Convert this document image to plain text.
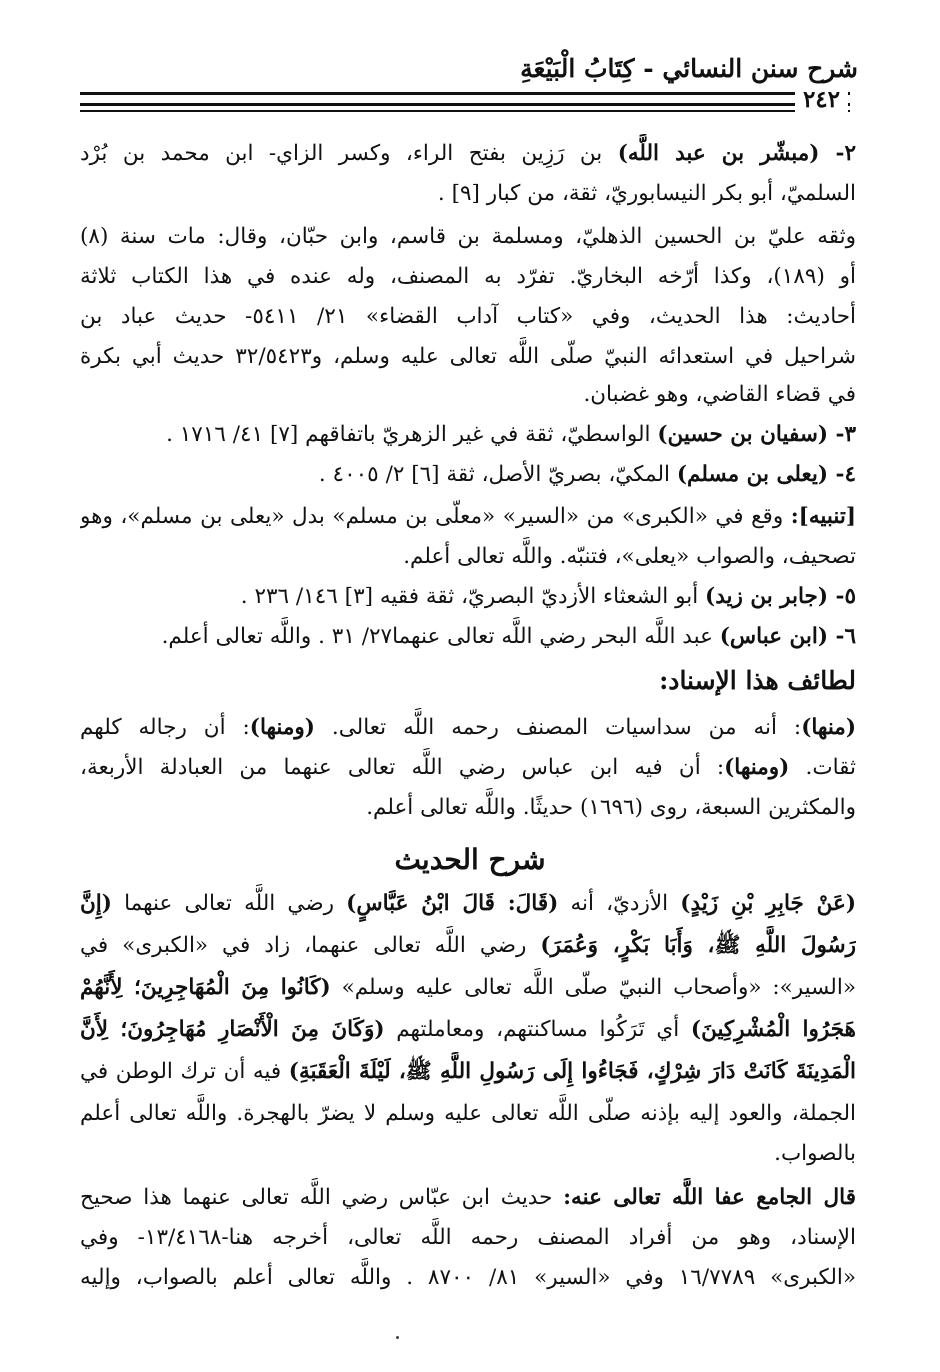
شرح سنن النسائي - كِتَابُ الْبَيْعَةِ
٢٤٢
٢- (مبشّر بن عبد اللَّه) بن رَزِين بفتح الراء، وكسر الزاي- ابن محمد بن بُرْد
السلميّ، أبو بكر النيسابوريّ، ثقة، من كبار [٩] .
وثقه عليّ بن الحسين الذهليّ، ومسلمة بن قاسم، وابن حبّان، وقال: مات سنة (٨)
أو (١٨٩)، وكذا أرّخه البخاريّ. تفرّد به المصنف، وله عنده في هذا الكتاب ثلاثة
أحاديث: هذا الحديث، وفي «كتاب آداب القضاء» ٢١/ ٥٤١١- حديث عباد بن
شراحيل في استعدائه النبيّ صلّى اللَّه تعالى عليه وسلم، و٣٢/٥٤٢٣ حديث أبي بكرة
في قضاء القاضي، وهو غضبان.
٣- (سفيان بن حسين) الواسطيّ، ثقة في غير الزهريّ باتفاقهم [٧] ٤١/ ١٧١٦ .
٤- (يعلى بن مسلم) المكيّ، بصريّ الأصل، ثقة [٦] ٢/ ٤٠٠٥ .
[تنبيه]: وقع في «الكبرى» من «السير» «معلّى بن مسلم» بدل «يعلى بن مسلم»، وهو
تصحيف، والصواب «يعلى»، فتنبّه. واللَّه تعالى أعلم.
٥- (جابر بن زيد) أبو الشعثاء الأزديّ البصريّ، ثقة فقيه [٣] ١٤٦/ ٢٣٦ .
٦- (ابن عباس) عبد اللَّه البحر رضي اللَّه تعالى عنهما٢٧/ ٣١ . واللَّه تعالى أعلم.
لطائف هذا الإسناد:
(منها): أنه من سداسيات المصنف رحمه اللَّه تعالى. (ومنها): أن رجاله كلهم
ثقات. (ومنها): أن فيه ابن عباس رضي اللَّه تعالى عنهما من العبادلة الأربعة،
والمكثرين السبعة، روى (١٦٩٦) حديثًا. واللَّه تعالى أعلم.
شرح الحديث
(عَنْ جَابِرِ بْنِ زَيْدٍ) الأزديّ، أنه (قَالَ: قَالَ ابْنُ عَبَّاسٍ) رضي اللَّه تعالى عنهما (إِنَّ
رَسُولَ اللَّهِ ﷺ، وَأَبَا بَكْرٍ، وَعُمَرَ) رضي اللَّه تعالى عنهما، زاد في «الكبرى» في
«السير»: «وأصحاب النبيّ صلّى اللَّه تعالى عليه وسلم» (كَانُوا مِنَ الْمُهَاجِرِينَ؛ لِأَنَّهُمْ
هَجَرُوا الْمُشْرِكِينَ) أي تَرَكُوا مساكنتهم، ومعاملتهم (وَكَانَ مِنَ الْأَنْصَارِ مُهَاجِرُونَ؛ لِأَنَّ
الْمَدِينَةَ كَانَتْ دَارَ شِرْكٍ، فَجَاءُوا إِلَى رَسُولِ اللَّهِ ﷺ، لَيْلَةَ الْعَقَبَةِ) فيه أن ترك الوطن في
الجملة، والعود إليه بإذنه صلّى اللَّه تعالى عليه وسلم لا يضرّ بالهجرة. واللَّه تعالى أعلم
بالصواب.
قال الجامع عفا اللَّه تعالى عنه: حديث ابن عبّاس رضي اللَّه تعالى عنهما هذا صحيح
الإسناد، وهو من أفراد المصنف رحمه اللَّه تعالى، أخرجه هنا-١٣/٤١٦٨- وفي
«الكبرى» ١٦/٧٧٨٩ وفي «السير» ٨١/ ٨٧٠٠ . واللَّه تعالى أعلم بالصواب، وإليه
